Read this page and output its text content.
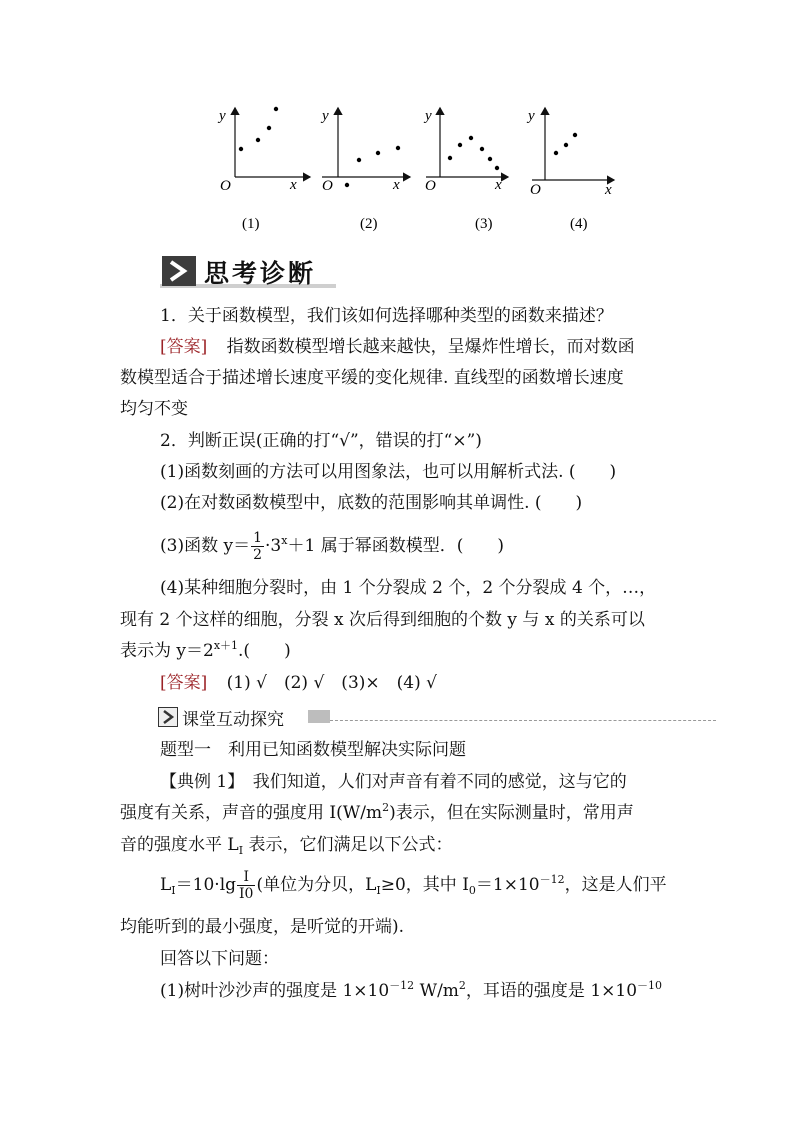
y
x
O
(1)
y
x
O
(2)
y
x
O
(3)
y
x
O
(4)
思考诊断
1．关于函数模型，我们该如何选择哪种类型的函数来描述？
[答案] 指数函数模型增长越来越快，呈爆炸性增长，而对数函
数模型适合于描述增长速度平缓的变化规律. 直线型的函数增长速度
均匀不变
2．判断正误(正确的打“√”，错误的打“×”)
(1)函数刻画的方法可以用图象法，也可以用解析式法. (　　)
(2)在对数函数模型中，底数的范围影响其单调性. (　　)
(3)函数 $y= \frac{1}{2} \cdot 3^x+1$ 属于幂函数模型．(　　)
(4)某种细胞分裂时，由 1 个分裂成 2 个，2 个分裂成 4 个，…，
现有 2 个这样的细胞，分裂 x 次后得到细胞的个数 y 与 x 的关系可以
表示为 $y=2^{x+1}$.(　　)
[答案] (1) √　(2) √　(3)×　(4) √
课堂互动探究
题型一　利用已知函数模型解决实际问题
【典例 1】　我们知道，人们对声音有着不同的感觉，这与它的
强度有关系，声音的强度用 $I(W/m^2)$表示，但在实际测量时，常用声
音的强度水平 $L_I$ 表示，它们满足以下公式：
$L_I=10\cdot\lg \frac{I}{I0}$ (单位为分贝，$L_I\ge 0$，其中 $I_0=1\times 10^{-12}$，这是人们平
均能听到的最小强度，是听觉的开端).
回答以下问题：
(1)树叶沙沙声的强度是 $1\times 10^{-12}$ $W/m^2$，耳语的强度是 $1\times 10^{-10}$
